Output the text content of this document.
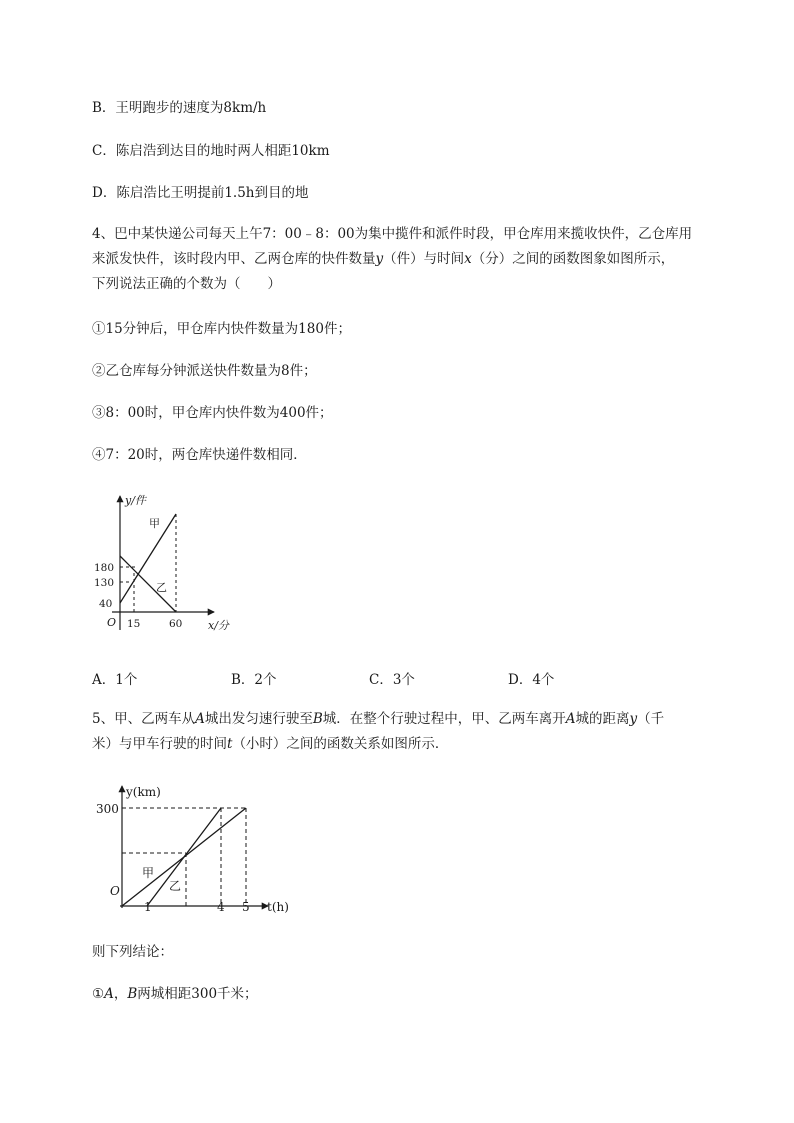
B．王明跑步的速度为8km/h
C．陈启浩到达目的地时两人相距10km
D．陈启浩比王明提前1.5h到目的地
4、巴中某快递公司每天上午7：00﹣8：00为集中揽件和派件时段，甲仓库用来揽收快件，乙仓库用
来派发快件，该时段内甲、乙两仓库的快件数量y（件）与时间x（分）之间的函数图象如图所示，
下列说法正确的个数为（　　）
①15分钟后，甲仓库内快件数量为180件；
②乙仓库每分钟派送快件数量为8件；
③8：00时，甲仓库内快件数为400件；
④7：20时，两仓库快递件数相同．
y/件
x/分
O
180
130
40
15	60
甲
乙
A．1个	B．2个	C．3个	D．4个
5、甲、乙两车从A城出发匀速行驶至B城．在整个行驶过程中，甲、乙两车离开A城的距离y（千
米）与甲车行驶的时间t（小时）之间的函数关系如图所示．
y(km)
t(h)
O
300
1	4 5
甲
乙
则下列结论：
①A，B两城相距300千米；
